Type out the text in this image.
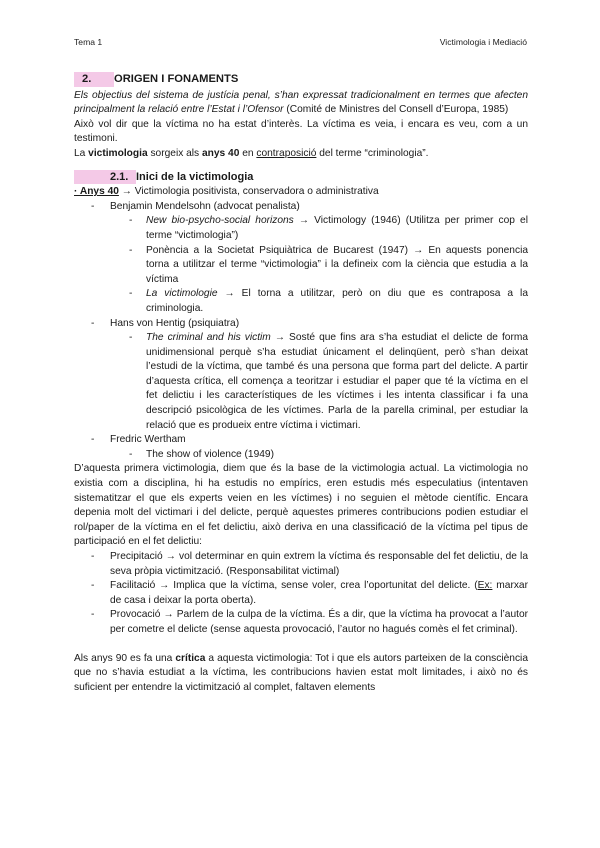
Tema 1	Victimologia i Mediació
2.	ORIGEN I FONAMENTS

Els objectius del sistema de justícia penal, s’han expressat tradicionalment en termes que afecten principalment la relació entre l’Estat i l’Ofensor (Comité de Ministres del Consell d’Europa, 1985)

Això vol dir que la víctima no ha estat d’interès. La víctima es veia, i encara es veu, com a un testimoni.

La victimologia sorgeix als anys 40 en contraposició del terme “criminologia”.

2.1. Inici de la victimologia

· Anys 40 → Victimologia positivista, conservadora o administrativa

- Benjamin Mendelsohn (advocat penalista)
- New bio-psycho-social horizons → Victimology (1946) (Utilitza per primer cop el terme “victimologia”)
- Ponència a la Societat Psiquiàtrica de Bucarest (1947) → En aquests ponencia torna a utilitzar el terme “victimologia” i la defineix com la ciència que estudia a la víctima
- La victimologie → El torna a utilitzar, però on diu que es contraposa a la criminologia.
- Hans von Hentig (psiquiatra)
- The criminal and his victim → Sosté que fins ara s’ha estudiat el delicte de forma unidimensional perquè s’ha estudiat únicament el delinqüent, però s’han deixat l’estudi de la víctima, que també és una persona que forma part del delicte. A partir d’aquesta crítica, ell comença a teoritzar i estudiar el paper que té la víctima en el fet delictiu i les característiques de les víctimes i les intenta classificar i fa una descripció psicològica de les víctimes. Parla de la parella criminal, per estudiar la relació que es produeix entre víctima i victimari.
- Fredric Wertham
- The show of violence (1949)

D’aquesta primera victimologia, diem que és la base de la victimologia actual. La victimologia no existia com a disciplina, hi ha estudis no empírics, eren estudis més especulatius (intentaven sistematitzar el que els experts veien en les víctimes) i no seguien el mètode científic. Encara depenia molt del victimari i del delicte, perquè aquestes primeres contribucions podien estudiar el rol/paper de la víctima en el fet delictiu, això deriva en una classificació de la víctima pel tipus de participació en el fet delictiu:

- Precipitació → vol determinar en quin extrem la víctima és responsable del fet delictiu, de la seva pròpia victimització. (Responsabilitat victimal)
- Facilitació → Implica que la víctima, sense voler, crea l’oportunitat del delicte. (Ex: marxar de casa i deixar la porta oberta).
- Provocació → Parlem de la culpa de la víctima. És a dir, que la víctima ha provocat a l’autor per cometre el delicte (sense aquesta provocació, l’autor no hagués comès el fet criminal).

Als anys 90 es fa una crítica a aquesta victimologia: Tot i que els autors parteixen de la consciència que no s’havia estudiat a la víctima, les contribucions havien estat molt limitades, i això no és suficient per entendre la victimització al complet, faltaven elements
